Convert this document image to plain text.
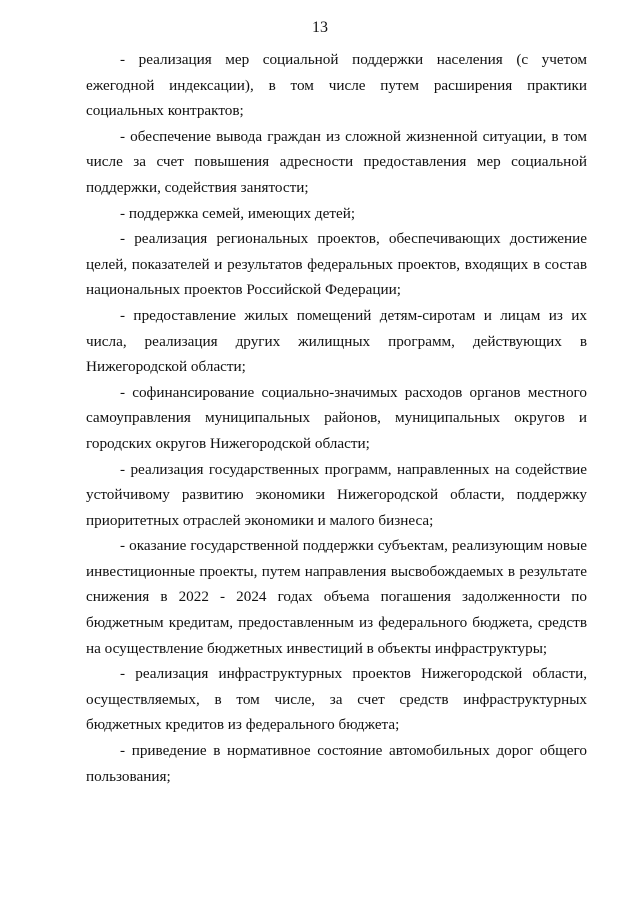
13

- реализация мер социальной поддержки населения (с учетом ежегодной индексации), в том числе путем расширения практики социальных контрактов;

- обеспечение вывода граждан из сложной жизненной ситуации, в том числе за счет повышения адресности предоставления мер социальной поддержки, содействия занятости;

- поддержка семей, имеющих детей;

- реализация региональных проектов, обеспечивающих достижение целей, показателей и результатов федеральных проектов, входящих в состав национальных проектов Российской Федерации;

- предоставление жилых помещений детям-сиротам и лицам из их числа, реализация других жилищных программ, действующих в Нижегородской области;

- софинансирование социально-значимых расходов органов местного самоуправления муниципальных районов, муниципальных округов и городских округов Нижегородской области;

- реализация государственных программ, направленных на содействие устойчивому развитию экономики Нижегородской области, поддержку приоритетных отраслей экономики и малого бизнеса;

- оказание государственной поддержки субъектам, реализующим новые инвестиционные проекты, путем направления высвобождаемых в результате снижения в 2022 - 2024 годах объема погашения задолженности по бюджетным кредитам, предоставленным из федерального бюджета, средств на осуществление бюджетных инвестиций в объекты инфраструктуры;

- реализация инфраструктурных проектов Нижегородской области, осуществляемых, в том числе, за счет средств инфраструктурных бюджетных кредитов из федерального бюджета;

- приведение в нормативное состояние автомобильных дорог общего пользования;
